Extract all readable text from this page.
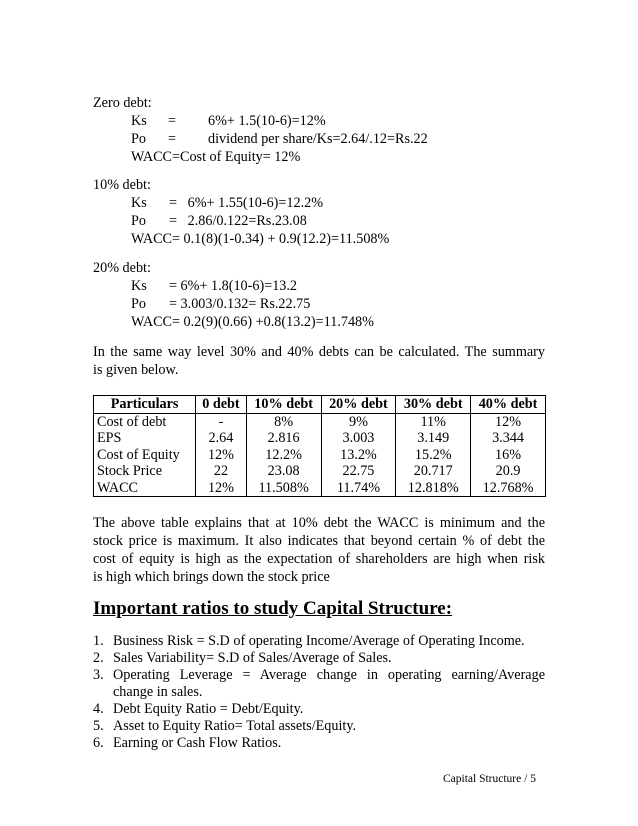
Zero debt:
Ks = 6%+ 1.5(10-6)=12%
Po = dividend per share/Ks=2.64/.12=Rs.22
WACC=Cost of Equity= 12%
10% debt:
Ks =   6%+ 1.55(10-6)=12.2%
Po =   2.86/0.122=Rs.23.08
WACC= 0.1(8)(1-0.34) + 0.9(12.2)=11.508%
20% debt:
Ks = 6%+ 1.8(10-6)=13.2
Po = 3.003/0.132= Rs.22.75
WACC= 0.2(9)(0.66) +0.8(13.2)=11.748%
In the same way level 30% and 40% debts can be calculated. The summary
is given below.
Particulars	0 debt	10% debt	20% debt	30% debt	40% debt
Cost of debt	-	8%	9%	11%	12%
EPS	2.64	2.816	3.003	3.149	3.344
Cost of Equity	12%	12.2%	13.2%	15.2%	16%
Stock Price	22	23.08	22.75	20.717	20.9
WACC	12%	11.508%	11.74%	12.818%	12.768%
The above table explains that at 10% debt the WACC is minimum and the
stock price is maximum. It also indicates that beyond certain % of debt the
cost of equity is high as the expectation of shareholders are high when risk
is high which brings down the stock price
Important ratios to study Capital Structure:
1. Business Risk = S.D of operating Income/Average of Operating Income.
2. Sales Variability= S.D of Sales/Average of Sales.
3. Operating Leverage = Average change in operating earning/Average
change in sales.
4. Debt Equity Ratio = Debt/Equity.
5. Asset to Equity Ratio= Total assets/Equity.
6. Earning or Cash Flow Ratios.
Capital Structure / 5
